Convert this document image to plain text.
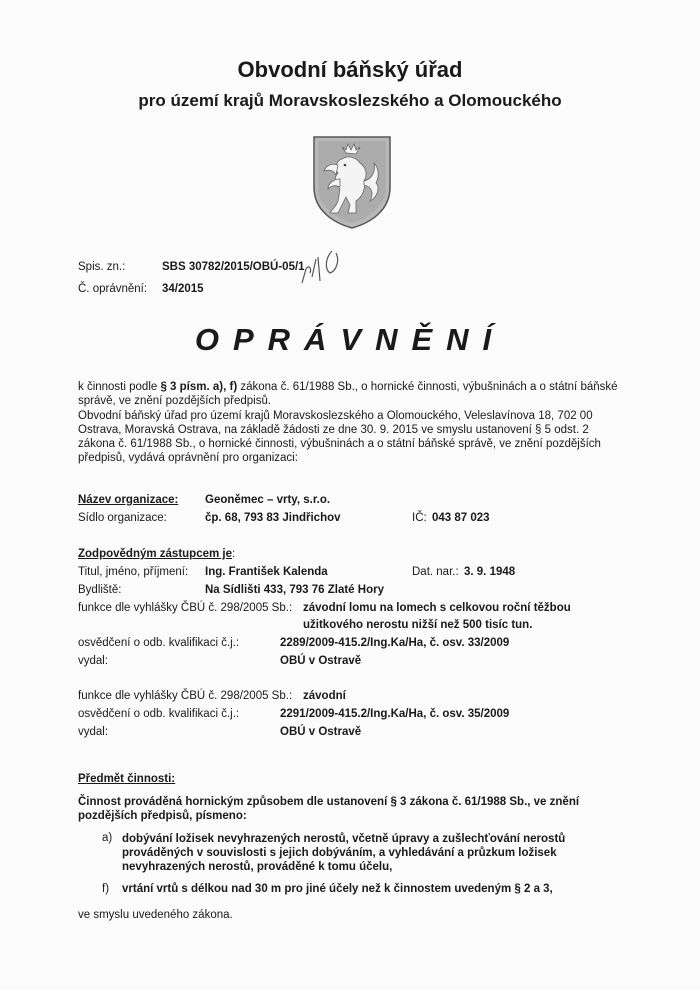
Obvodní báňský úřad
pro území krajů Moravskoslezského a Olomouckého
Spis. zn.:	SBS 30782/2015/OBÚ-05/1
Č. oprávnění: 34/2015
OPRÁVNĚNÍ
k činnosti podle § 3 písm. a), f) zákona č. 61/1988 Sb., o hornické činnosti, výbušninách a o státní báňské
správě, ve znění pozdějších předpisů.
Obvodní báňský úřad pro území krajů Moravskoslezského a Olomouckého, Veleslavínova 18, 702 00
Ostrava, Moravská Ostrava, na základě žádosti ze dne 30. 9. 2015 ve smyslu ustanovení § 5 odst. 2
zákona č. 61/1988 Sb., o hornické činnosti, výbušninách a o státní báňské správě, ve znění pozdějších
předpisů, vydává oprávnění pro organizaci:
Název organizace: Geoněmec – vrty, s.r.o.
Sídlo organizace:	čp. 68, 793 83 Jindřichov	IČ: 043 87 023
Zodpovědným zástupcem je:
Titul, jméno, příjmení: Ing. František Kalenda	Dat. nar.: 3. 9. 1948
Bydliště:	Na Sídlišti 433, 793 76 Zlaté Hory
funkce dle vyhlášky ČBÚ č. 298/2005 Sb.: závodní lomu na lomech s celkovou roční těžbou
užitkového nerostu nižší než 500 tisíc tun.
osvědčení o odb. kvalifikaci č.j.:	2289/2009-415.2/Ing.Ka/Ha, č. osv. 33/2009
vydal:	OBÚ v Ostravě
funkce dle vyhlášky ČBÚ č. 298/2005 Sb.: závodní
osvědčení o odb. kvalifikaci č.j.:	2291/2009-415.2/Ing.Ka/Ha, č. osv. 35/2009
vydal:	OBÚ v Ostravě
Předmět činnosti:
Činnost prováděná hornickým způsobem dle ustanovení § 3 zákona č. 61/1988 Sb., ve znění
pozdějších předpisů, písmeno:
a) dobývání ložisek nevyhrazených nerostů, včetně úpravy a zušlechťování nerostů
prováděných v souvislosti s jejich dobýváním, a vyhledávání a průzkum ložisek
nevyhrazených nerostů, prováděné k tomu účelu,
f) vrtání vrtů s délkou nad 30 m pro jiné účely než k činnostem uvedeným § 2 a 3,
ve smyslu uvedeného zákona.
